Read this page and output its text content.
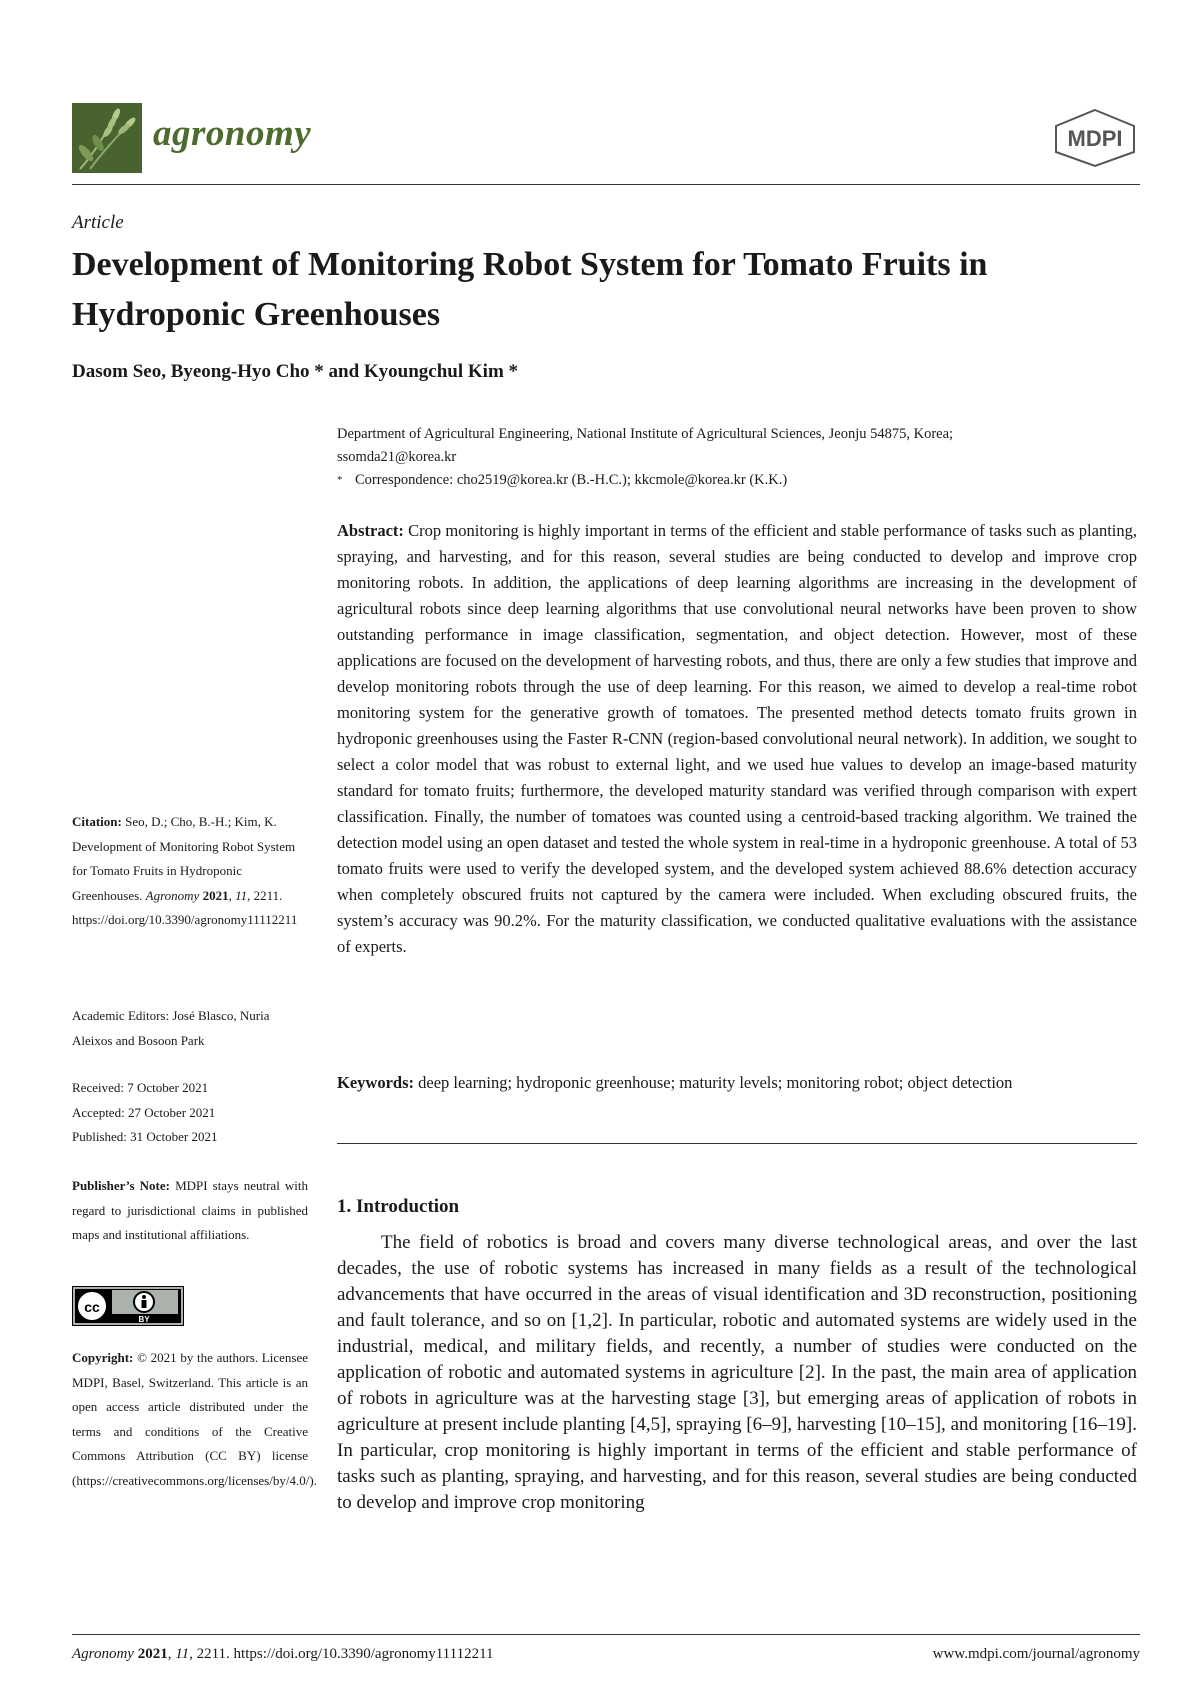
agronomy	MDPI
Article
Development of Monitoring Robot System for Tomato Fruits in Hydroponic Greenhouses
Dasom Seo, Byeong-Hyo Cho * and Kyoungchul Kim *
Department of Agricultural Engineering, National Institute of Agricultural Sciences, Jeonju 54875, Korea;
ssomda21@korea.kr
* Correspondence: cho2519@korea.kr (B.-H.C.); kkcmole@korea.kr (K.K.)
Abstract: Crop monitoring is highly important in terms of the efficient and stable performance of tasks such as planting, spraying, and harvesting, and for this reason, several studies are being conducted to develop and improve crop monitoring robots. In addition, the applications of deep learning algorithms are increasing in the development of agricultural robots since deep learning algorithms that use convolutional neural networks have been proven to show outstanding performance in image classification, segmentation, and object detection. However, most of these applications are focused on the development of harvesting robots, and thus, there are only a few studies that improve and develop monitoring robots through the use of deep learning. For this reason, we aimed to develop a real-time robot monitoring system for the generative growth of tomatoes. The presented method detects tomato fruits grown in hydroponic greenhouses using the Faster R-CNN (region-based convolutional neural network). In addition, we sought to select a color model that was robust to external light, and we used hue values to develop an image-based maturity standard for tomato fruits; furthermore, the developed maturity standard was verified through comparison with expert classification. Finally, the number of tomatoes was counted using a centroid-based tracking algorithm. We trained the detection model using an open dataset and tested the whole system in real-time in a hydroponic greenhouse. A total of 53 tomato fruits were used to verify the developed system, and the developed system achieved 88.6% detection accuracy when completely obscured fruits not captured by the camera were included. When excluding obscured fruits, the system’s accuracy was 90.2%. For the maturity classification, we conducted qualitative evaluations with the assistance of experts.
Keywords: deep learning; hydroponic greenhouse; maturity levels; monitoring robot; object detection
1. Introduction

The field of robotics is broad and covers many diverse technological areas, and over the last decades, the use of robotic systems has increased in many fields as a result of the technological advancements that have occurred in the areas of visual identification and 3D reconstruction, positioning and fault tolerance, and so on [1,2]. In particular, robotic and automated systems are widely used in the industrial, medical, and military fields, and recently, a number of studies were conducted on the application of robotic and automated systems in agriculture [2]. In the past, the main area of application of robots in agriculture was at the harvesting stage [3], but emerging areas of application of robots in agriculture at present include planting [4,5], spraying [6–9], harvesting [10–15], and monitoring [16–19]. In particular, crop monitoring is highly important in terms of the efficient and stable performance of tasks such as planting, spraying, and harvesting, and for this reason, several studies are being conducted to develop and improve crop monitoring

Citation: Seo, D.; Cho, B.-H.; Kim, K. Development of Monitoring Robot System for Tomato Fruits in Hydroponic Greenhouses. Agronomy 2021, 11, 2211. https://doi.org/10.3390/agronomy11112211
Academic Editors: José Blasco, Nuria Aleixos and Bosoon Park
Received: 7 October 2021
Accepted: 27 October 2021
Published: 31 October 2021
Publisher’s Note: MDPI stays neutral with regard to jurisdictional claims in published maps and institutional affiliations.
cc
BY
Copyright: © 2021 by the authors. Licensee MDPI, Basel, Switzerland. This article is an open access article distributed under the terms and conditions of the Creative Commons Attribution (CC BY) license (https://creativecommons.org/licenses/by/4.0/).
Agronomy 2021, 11, 2211. https://doi.org/10.3390/agronomy11112211	www.mdpi.com/journal/agronomy
